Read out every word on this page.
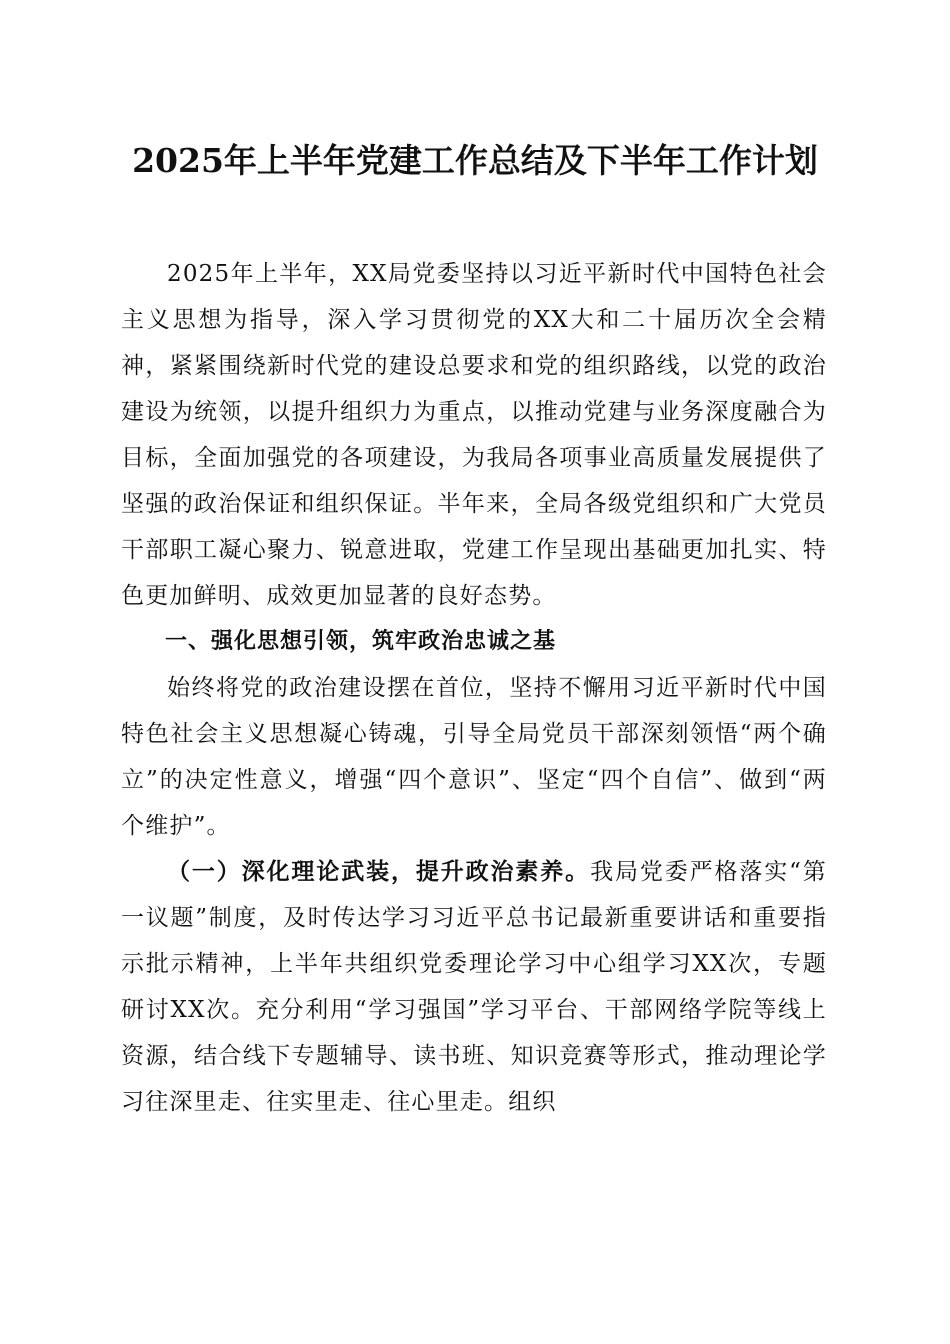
2025年上半年党建工作总结及下半年工作计划

2025年上半年，XX局党委坚持以习近平新时代中国特色社会主义思想为指导，深入学习贯彻党的XX大和二十届历次全会精神，紧紧围绕新时代党的建设总要求和党的组织路线，以党的政治建设为统领，以提升组织力为重点，以推动党建与业务深度融合为目标，全面加强党的各项建设，为我局各项事业高质量发展提供了坚强的政治保证和组织保证。半年来，全局各级党组织和广大党员干部职工凝心聚力、锐意进取，党建工作呈现出基础更加扎实、特色更加鲜明、成效更加显著的良好态势。

一、强化思想引领，筑牢政治忠诚之基

始终将党的政治建设摆在首位，坚持不懈用习近平新时代中国特色社会主义思想凝心铸魂，引导全局党员干部深刻领悟“两个确立”的决定性意义，增强“四个意识”、坚定“四个自信”、做到“两个维护”。

（一）深化理论武装，提升政治素养。我局党委严格落实“第一议题”制度，及时传达学习习近平总书记最新重要讲话和重要指示批示精神，上半年共组织党委理论学习中心组学习XX次，专题研讨XX次。充分利用“学习强国”学习平台、干部网络学院等线上资源，结合线下专题辅导、读书班、知识竞赛等形式，推动理论学习往深里走、往实里走、往心里走。组织
